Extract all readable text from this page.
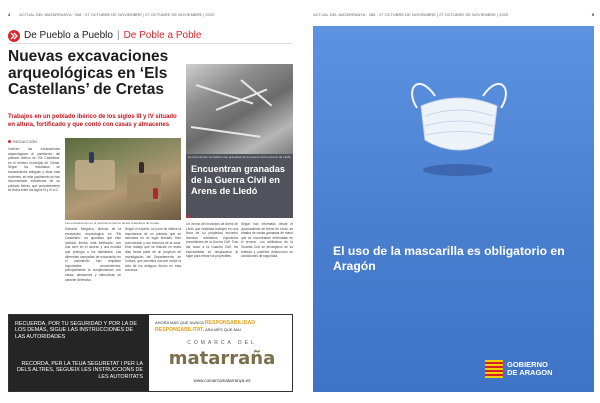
4 ACTUAL DEL MATARRANYA · 268 · 27 OCTUBRE DE NOVIEMBRE | 27 OCTUBRE DE NOVIEMBRE | 2020
De Pueblo a Pueblo | De Poble a Poble
Nuevas excavaciones arqueológicas en ‘Els Castellans’ de Cretas
Trabajos en un poblado ibérico de los siglos III y IV situado en altura, fortificado y que contó con casas y almacenes
REDACCIÓN
Vuelven las excavaciones arqueológicas al yacimiento del poblado ibérico de ‘Els Castellans’ en el término municipal de Cretas. Según los resultados de excavaciones antiguas y otras más recientes, en este yacimiento se han documentado estructuras de un poblado ibérico que probablemente se fecha entre los siglos III y IV a.C.
Las excavaciones en el yacimiento ibérico de Els Castellans de Cretas.
Salvador Melguizo, director de la excavación arqueológica en ‘Els Castellans’, ha apuntado que este poblado ibérico está fortificado, con una torre en el acceso y una muralla que protegía a los habitantes. Las diferentes campañas de excavación en el yacimiento han ampliado importantes conocimientos, principalmente la complementan con casas, almacenes y estructuras de carácter defensivo.
Según el experto, se pone de relieve la importancia de un poblado que se asentaba en un lugar elevado, bien comunicado y con recursos de la zona. Este trabajo que se estudia en estos días forma parte de un proyecto de investigación del Departamento de Cultura, que permitirá conocer mejor la vida de los antiguos íberos en esta comarca.
La zona donde se hallaron las granadas de la Guerra Civil en Arens de Lledó.
Encuentran granadas de la Guerra Civil en Arens de Lledó
REDACCIÓN
Un vecino del municipio de Arens de Lledó que realizaba trabajos en una finca de su propiedad encontró diversos artefactos explosivos procedentes de la Guerra Civil. Tras dar aviso a la Guardia Civil, los especialistas se desplazaron al lugar para retirar los proyectiles.
Según han informado desde el Ayuntamiento de Arens de Lledó, se trataba de varias granadas de mano que se encontraban enterradas en el terreno. Los artificieros de la Guardia Civil se encargaron de su retirada y posterior destrucción en condiciones de seguridad.
RECUERDA, POR TU SEGURIDAD Y POR LA DE LOS DEMÁS, SIGUE LAS INSTRUCCIONES DE LAS AUTORIDADES
RECORDA, PER LA TEUA SEGURETAT I PER LA DELS ALTRES, SEGUEIX LES INSTRUCCIONS DE LES AUTORITATS
AHORA MÁS QUE NUNCA RESPONSABILIDAD
RESPONSABILITAT, ARA MÉS QUE MAI
COMARCA DEL
matarraña
www.comarcamatarranya.es
ACTUAL DEL MATARRANYA · 268 · 27 OCTUBRE DE NOVIEMBRE | 27 OCTUBRE DE NOVIEMBRE | 2020	5
El uso de la mascarilla es obligatorio en Aragón
GOBIERNO
DE ARAGON
